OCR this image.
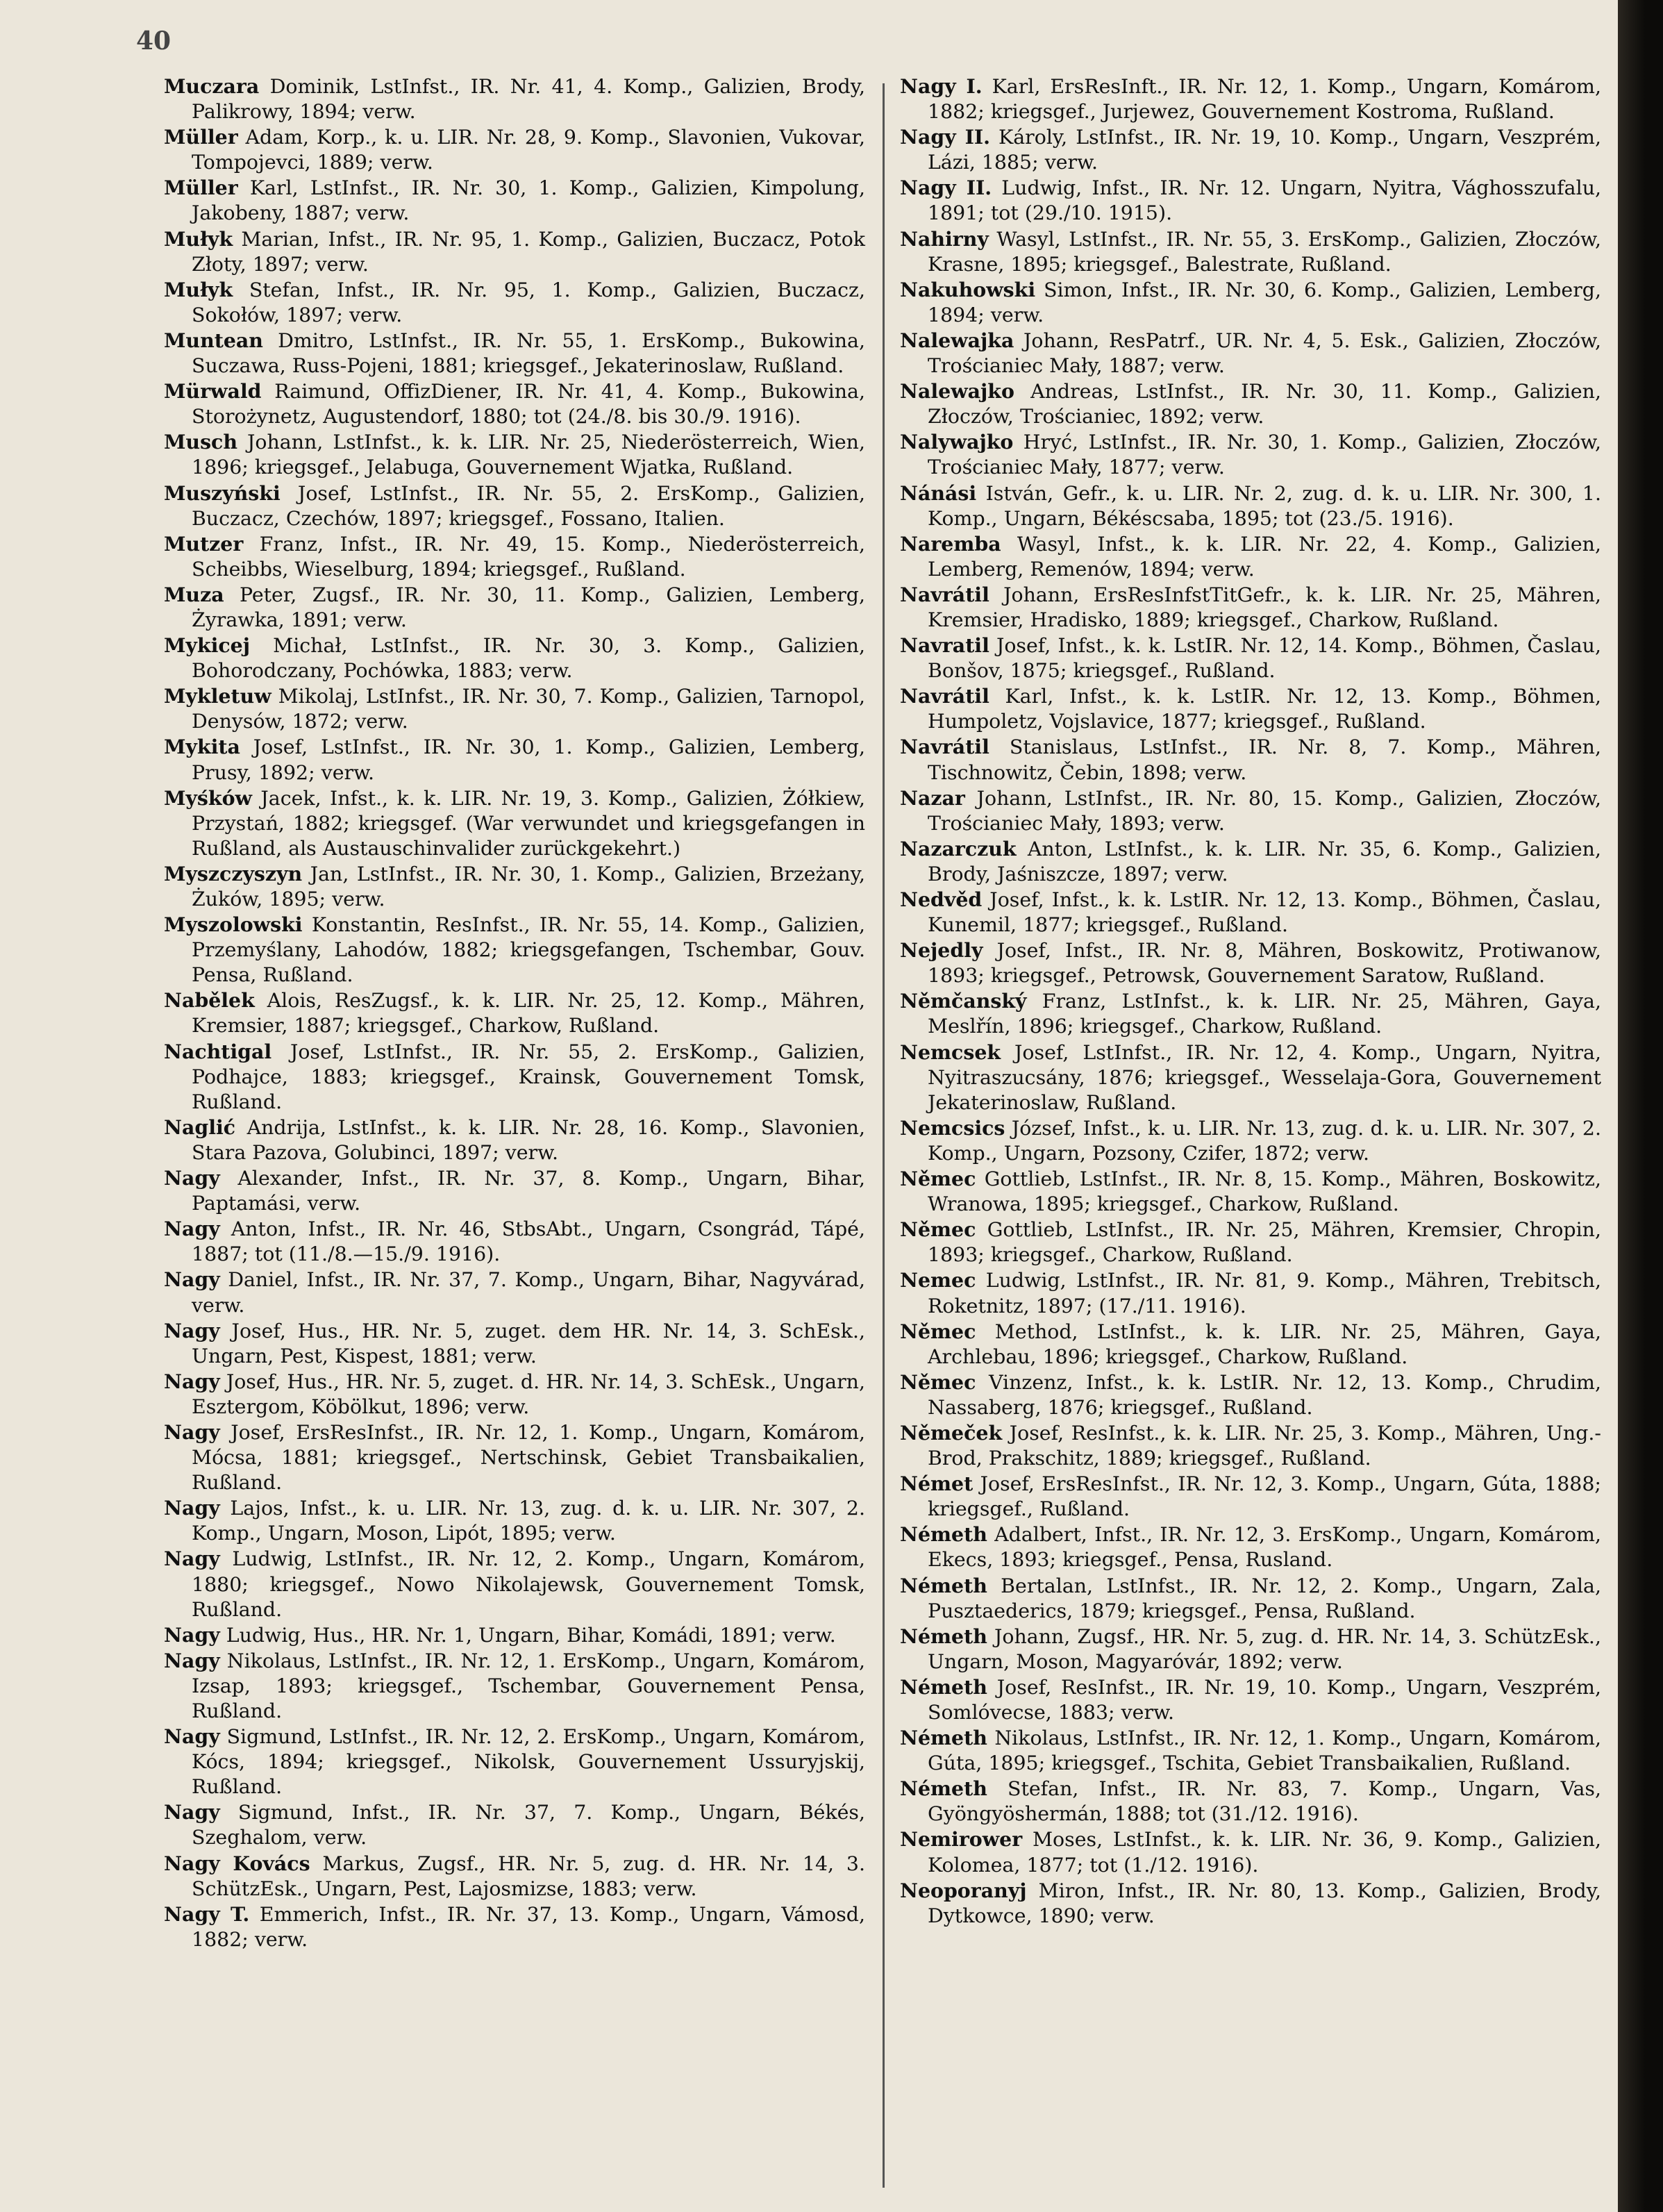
40

Muczara Dominik, LstInfst., IR. Nr. 41, 4. Komp., Galizien, Brody, Palikrowy, 1894; verw.

Müller Adam, Korp., k. u. LIR. Nr. 28, 9. Komp., Slavonien, Vukovar, Tompojevci, 1889; verw.

Müller Karl, LstInfst., IR. Nr. 30, 1. Komp., Galizien, Kimpolung, Jakobeny, 1887; verw.

Mułyk Marian, Infst., IR. Nr. 95, 1. Komp., Galizien, Buczacz, Potok Złoty, 1897; verw.

Mułyk Stefan, Infst., IR. Nr. 95, 1. Komp., Galizien, Buczacz, Sokołów, 1897; verw.

Muntean Dmitro, LstInfst., IR. Nr. 55, 1. ErsKomp., Bukowina, Suczawa, Russ-Pojeni, 1881; kriegsgef., Jekaterinoslaw, Rußland.

Mürwald Raimund, OffizDiener, IR. Nr. 41, 4. Komp., Bukowina, Storożynetz, Augustendorf, 1880; tot (24./8. bis 30./9. 1916).

Musch Johann, LstInfst., k. k. LIR. Nr. 25, Niederösterreich, Wien, 1896; kriegsgef., Jelabuga, Gouvernement Wjatka, Rußland.

Muszyński Josef, LstInfst., IR. Nr. 55, 2. ErsKomp., Galizien, Buczacz, Czechów, 1897; kriegsgef., Fossano, Italien.

Mutzer Franz, Infst., IR. Nr. 49, 15. Komp., Niederösterreich, Scheibbs, Wieselburg, 1894; kriegsgef., Rußland.

Muza Peter, Zugsf., IR. Nr. 30, 11. Komp., Galizien, Lemberg, Żyrawka, 1891; verw.

Mykicej Michał, LstInfst., IR. Nr. 30, 3. Komp., Galizien, Bohorodczany, Pochówka, 1883; verw.

Mykletuw Mikolaj, LstInfst., IR. Nr. 30, 7. Komp., Galizien, Tarnopol, Denysów, 1872; verw.

Mykita Josef, LstInfst., IR. Nr. 30, 1. Komp., Galizien, Lemberg, Prusy, 1892; verw.

Myśków Jacek, Infst., k. k. LIR. Nr. 19, 3. Komp., Galizien, Żółkiew, Przystań, 1882; kriegsgef. (War verwundet und kriegsgefangen in Rußland, als Austauschinvalider zurückgekehrt.)

Myszczyszyn Jan, LstInfst., IR. Nr. 30, 1. Komp., Galizien, Brzeżany, Żuków, 1895; verw.

Myszolowski Konstantin, ResInfst., IR. Nr. 55, 14. Komp., Galizien, Przemyślany, Lahodów, 1882; kriegsgefangen, Tschembar, Gouv. Pensa, Rußland.

Nabělek Alois, ResZugsf., k. k. LIR. Nr. 25, 12. Komp., Mähren, Kremsier, 1887; kriegsgef., Charkow, Rußland.

Nachtigal Josef, LstInfst., IR. Nr. 55, 2. ErsKomp., Galizien, Podhajce, 1883; kriegsgef., Krainsk, Gouvernement Tomsk, Rußland.

Naglić Andrija, LstInfst., k. k. LIR. Nr. 28, 16. Komp., Slavonien, Stara Pazova, Golubinci, 1897; verw.

Nagy Alexander, Infst., IR. Nr. 37, 8. Komp., Ungarn, Bihar, Paptamási, verw.

Nagy Anton, Infst., IR. Nr. 46, StbsAbt., Ungarn, Csongrád, Tápé, 1887; tot (11./8.—15./9. 1916).

Nagy Daniel, Infst., IR. Nr. 37, 7. Komp., Ungarn, Bihar, Nagyvárad, verw.

Nagy Josef, Hus., HR. Nr. 5, zuget. dem HR. Nr. 14, 3. SchEsk., Ungarn, Pest, Kispest, 1881; verw.

Nagy Josef, Hus., HR. Nr. 5, zuget. d. HR. Nr. 14, 3. SchEsk., Ungarn, Esztergom, Köbölkut, 1896; verw.

Nagy Josef, ErsResInfst., IR. Nr. 12, 1. Komp., Ungarn, Komárom, Mócsa, 1881; kriegsgef., Nertschinsk, Gebiet Transbaikalien, Rußland.

Nagy Lajos, Infst., k. u. LIR. Nr. 13, zug. d. k. u. LIR. Nr. 307, 2. Komp., Ungarn, Moson, Lipót, 1895; verw.

Nagy Ludwig, LstInfst., IR. Nr. 12, 2. Komp., Ungarn, Komárom, 1880; kriegsgef., Nowo Nikolajewsk, Gouvernement Tomsk, Rußland.

Nagy Ludwig, Hus., HR. Nr. 1, Ungarn, Bihar, Komádi, 1891; verw.

Nagy Nikolaus, LstInfst., IR. Nr. 12, 1. ErsKomp., Ungarn, Komárom, Izsap, 1893; kriegsgef., Tschembar, Gouvernement Pensa, Rußland.

Nagy Sigmund, LstInfst., IR. Nr. 12, 2. ErsKomp., Ungarn, Komárom, Kócs, 1894; kriegsgef., Nikolsk, Gouvernement Ussuryjskij, Rußland.

Nagy Sigmund, Infst., IR. Nr. 37, 7. Komp., Ungarn, Békés, Szeghalom, verw.

Nagy Kovács Markus, Zugsf., HR. Nr. 5, zug. d. HR. Nr. 14, 3. SchützEsk., Ungarn, Pest, Lajosmizse, 1883; verw.

Nagy T. Emmerich, Infst., IR. Nr. 37, 13. Komp., Ungarn, Vámosd, 1882; verw.

Nagy I. Karl, ErsResInft., IR. Nr. 12, 1. Komp., Ungarn, Komárom, 1882; kriegsgef., Jurjewez, Gouvernement Kostroma, Rußland.

Nagy II. Károly, LstInfst., IR. Nr. 19, 10. Komp., Ungarn, Veszprém, Lázi, 1885; verw.

Nagy II. Ludwig, Infst., IR. Nr. 12. Ungarn, Nyitra, Vághosszufalu, 1891; tot (29./10. 1915).

Nahirny Wasyl, LstInfst., IR. Nr. 55, 3. ErsKomp., Galizien, Złoczów, Krasne, 1895; kriegsgef., Balestrate, Rußland.

Nakuhowski Simon, Infst., IR. Nr. 30, 6. Komp., Galizien, Lemberg, 1894; verw.

Nalewajka Johann, ResPatrf., UR. Nr. 4, 5. Esk., Galizien, Złoczów, Trościaniec Mały, 1887; verw.

Nalewajko Andreas, LstInfst., IR. Nr. 30, 11. Komp., Galizien, Złoczów, Trościaniec, 1892; verw.

Nalywajko Hryć, LstInfst., IR. Nr. 30, 1. Komp., Galizien, Złoczów, Trościaniec Mały, 1877; verw.

Nánási István, Gefr., k. u. LIR. Nr. 2, zug. d. k. u. LIR. Nr. 300, 1. Komp., Ungarn, Békéscsaba, 1895; tot (23./5. 1916).

Naremba Wasyl, Infst., k. k. LIR. Nr. 22, 4. Komp., Galizien, Lemberg, Remenów, 1894; verw.

Navrátil Johann, ErsResInfstTitGefr., k. k. LIR. Nr. 25, Mähren, Kremsier, Hradisko, 1889; kriegsgef., Charkow, Rußland.

Navratil Josef, Infst., k. k. LstIR. Nr. 12, 14. Komp., Böhmen, Časlau, Bonšov, 1875; kriegsgef., Rußland.

Navrátil Karl, Infst., k. k. LstIR. Nr. 12, 13. Komp., Böhmen, Humpoletz, Vojslavice, 1877; kriegsgef., Rußland.

Navrátil Stanislaus, LstInfst., IR. Nr. 8, 7. Komp., Mähren, Tischnowitz, Čebin, 1898; verw.

Nazar Johann, LstInfst., IR. Nr. 80, 15. Komp., Galizien, Złoczów, Trościaniec Mały, 1893; verw.

Nazarczuk Anton, LstInfst., k. k. LIR. Nr. 35, 6. Komp., Galizien, Brody, Jaśniszcze, 1897; verw.

Nedvěd Josef, Infst., k. k. LstIR. Nr. 12, 13. Komp., Böhmen, Časlau, Kunemil, 1877; kriegsgef., Rußland.

Nejedly Josef, Infst., IR. Nr. 8, Mähren, Boskowitz, Protiwanow, 1893; kriegsgef., Petrowsk, Gouvernement Saratow, Rußland.

Němčanský Franz, LstInfst., k. k. LIR. Nr. 25, Mähren, Gaya, Meslřín, 1896; kriegsgef., Charkow, Rußland.

Nemcsek Josef, LstInfst., IR. Nr. 12, 4. Komp., Ungarn, Nyitra, Nyitraszucsány, 1876; kriegsgef., Wesselaja-Gora, Gouvernement Jekaterinoslaw, Rußland.

Nemcsics József, Infst., k. u. LIR. Nr. 13, zug. d. k. u. LIR. Nr. 307, 2. Komp., Ungarn, Pozsony, Czifer, 1872; verw.

Němec Gottlieb, LstInfst., IR. Nr. 8, 15. Komp., Mähren, Boskowitz, Wranowa, 1895; kriegsgef., Charkow, Rußland.

Němec Gottlieb, LstInfst., IR. Nr. 25, Mähren, Kremsier, Chropin, 1893; kriegsgef., Charkow, Rußland.

Nemec Ludwig, LstInfst., IR. Nr. 81, 9. Komp., Mähren, Trebitsch, Roketnitz, 1897; (17./11. 1916).

Němec Method, LstInfst., k. k. LIR. Nr. 25, Mähren, Gaya, Archlebau, 1896; kriegsgef., Charkow, Rußland.

Němec Vinzenz, Infst., k. k. LstIR. Nr. 12, 13. Komp., Chrudim, Nassaberg, 1876; kriegsgef., Rußland.

Němeček Josef, ResInfst., k. k. LIR. Nr. 25, 3. Komp., Mähren, Ung.-Brod, Prakschitz, 1889; kriegsgef., Rußland.

Német Josef, ErsResInfst., IR. Nr. 12, 3. Komp., Ungarn, Gúta, 1888; kriegsgef., Rußland.

Németh Adalbert, Infst., IR. Nr. 12, 3. ErsKomp., Ungarn, Komárom, Ekecs, 1893; kriegsgef., Pensa, Rusland.

Németh Bertalan, LstInfst., IR. Nr. 12, 2. Komp., Ungarn, Zala, Pusztaederics, 1879; kriegsgef., Pensa, Rußland.

Németh Johann, Zugsf., HR. Nr. 5, zug. d. HR. Nr. 14, 3. SchützEsk., Ungarn, Moson, Magyaróvár, 1892; verw.

Németh Josef, ResInfst., IR. Nr. 19, 10. Komp., Ungarn, Veszprém, Somlóvecse, 1883; verw.

Németh Nikolaus, LstInfst., IR. Nr. 12, 1. Komp., Ungarn, Komárom, Gúta, 1895; kriegsgef., Tschita, Gebiet Transbaikalien, Rußland.

Németh Stefan, Infst., IR. Nr. 83, 7. Komp., Ungarn, Vas, Gyöngyöshermán, 1888; tot (31./12. 1916).

Nemirower Moses, LstInfst., k. k. LIR. Nr. 36, 9. Komp., Galizien, Kolomea, 1877; tot (1./12. 1916).

Neoporanyj Miron, Infst., IR. Nr. 80, 13. Komp., Galizien, Brody, Dytkowce, 1890; verw.
